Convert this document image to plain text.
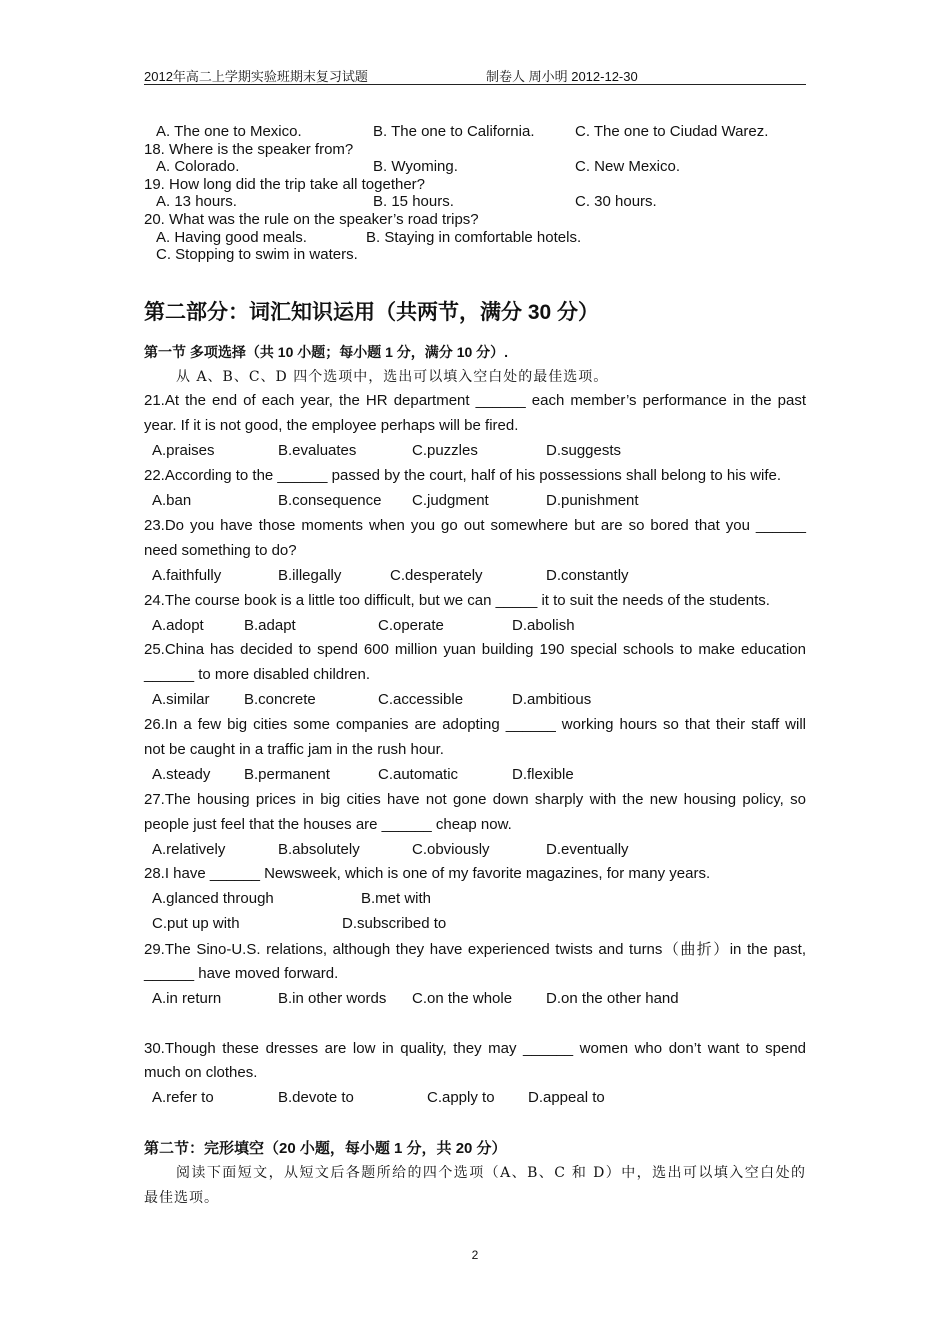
2012年高二上学期实验班期末复习试题	制卷人 周小明 2012-12-30
A. The one to Mexico.	B. The one to California.	C. The one to Ciudad Warez.
18. Where is the speaker from?
A. Colorado.	B. Wyoming.	C. New Mexico.
19. How long did the trip take all together?
A. 13 hours.	B. 15 hours.	C. 30 hours.
20. What was the rule on the speaker’s road trips?
A. Having good meals.	B. Staying in comfortable hotels.
C. Stopping to swim in waters.
第二部分：词汇知识运用（共两节，满分 30 分）
第一节 多项选择（共 10 小题；每小题 1 分，满分 10 分）.
从 A、B、C、D 四个选项中，选出可以填入空白处的最佳选项。
21.At the end of each year, the HR department ______ each member’s performance in the past
year. If it is not good, the employee perhaps will be fired.
A.praises	B.evaluates	C.puzzles	D.suggests
22.According to the ______ passed by the court, half of his possessions shall belong to his wife.
A.ban	B.consequence C.judgment	D.punishment
23.Do you have those moments when you go out somewhere but are so bored that you ______
need something to do?
A.faithfully	B.illegally	C.desperately	D.constantly
24.The course book is a little too difficult, but we can _____ it to suit the needs of the students.
A.adopt	B.adapt	C.operate	D.abolish
25.China has decided to spend 600 million yuan building 190 special schools to make education
______ to more disabled children.
A.similar B.concrete	C.accessible	D.ambitious
26.In a few big cities some companies are adopting ______ working hours so that their staff will
not be caught in a traffic jam in the rush hour.
A.steady B.permanent	C.automatic	D.flexible
27.The housing prices in big cities have not gone down sharply with the new housing policy, so
people just feel that the houses are ______ cheap now.
A.relatively	B.absolutely	C.obviously	D.eventually
28.I have ______ Newsweek, which is one of my favorite magazines, for many years.
A.glanced through	B.met with
C.put up with	D.subscribed to
29.The Sino-U.S. relations, although they have experienced twists and turns（曲折）in the past,
______ have moved forward.
A.in return	B.in other words C.on the whole D.on the other hand
30.Though these dresses are low in quality, they may ______ women who don’t want to spend
much on clothes.
A.refer to	B.devote to	C.apply to D.appeal to
第二节：完形填空（20 小题，每小题 1 分，共 20 分）
阅读下面短文，从短文后各题所给的四个选项（A、B、C 和 D）中，选出可以填入空白处的
最佳选项。
2
